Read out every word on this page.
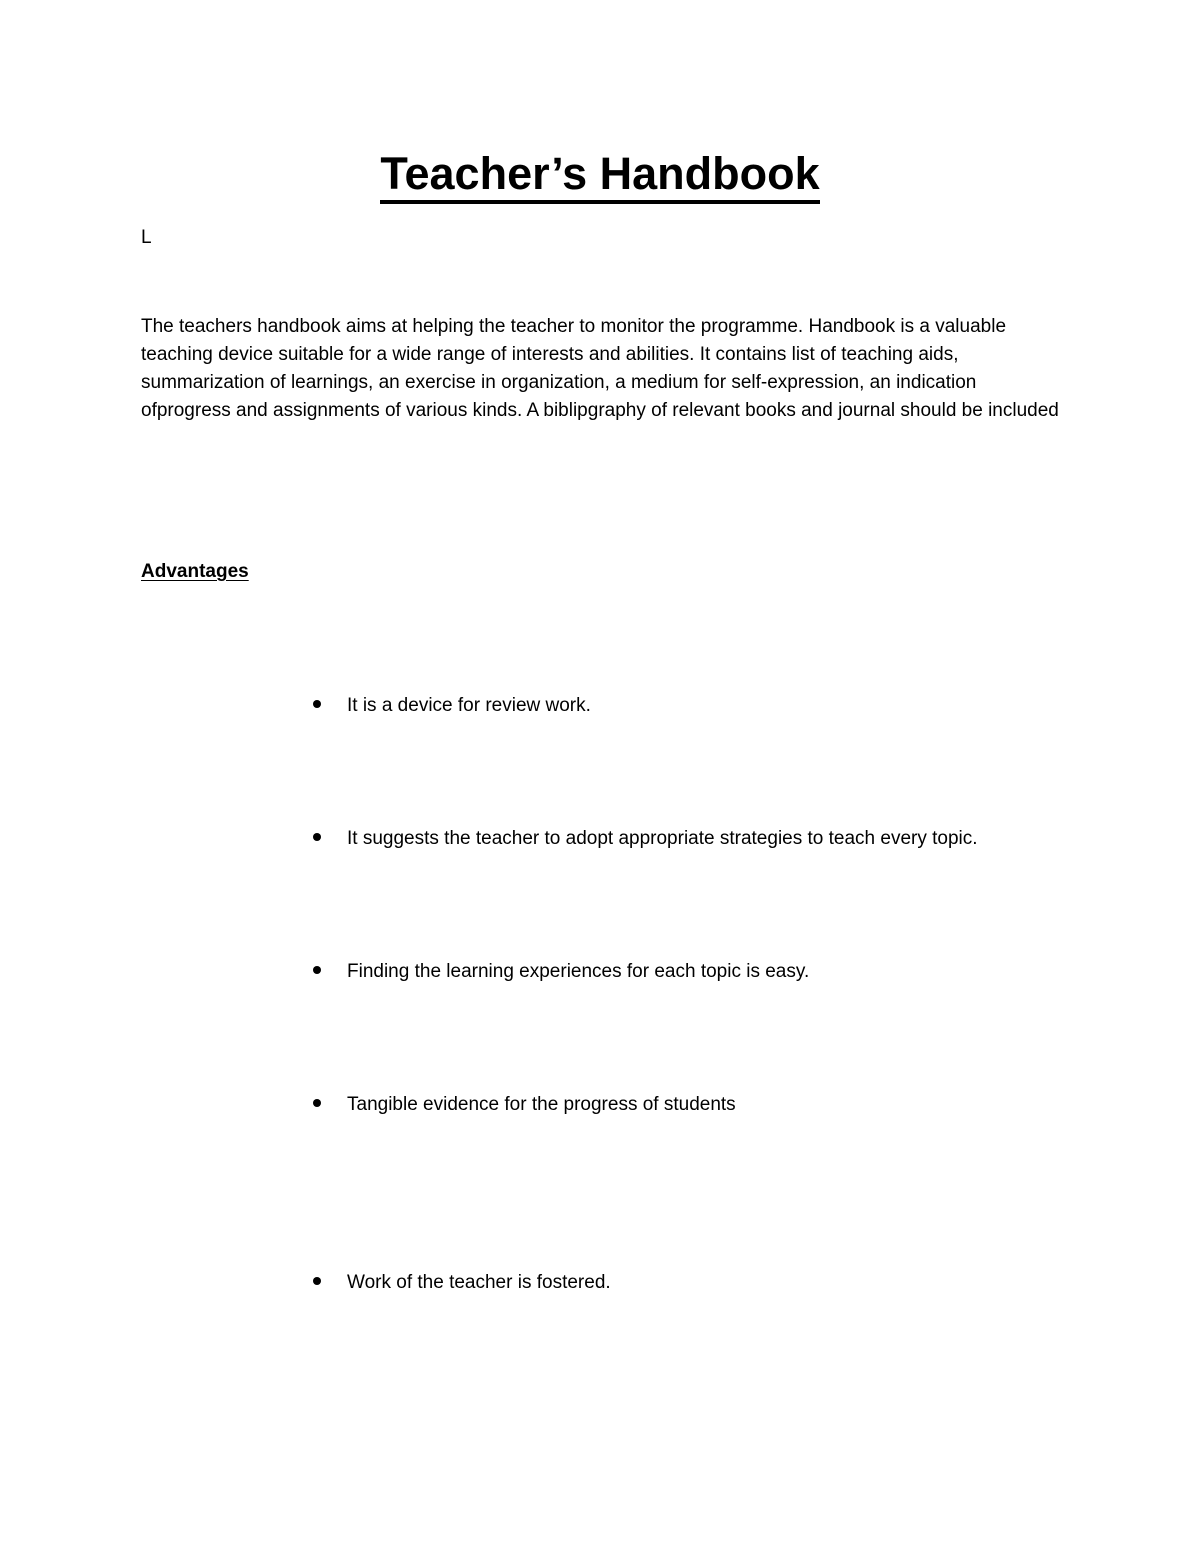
Teacher’s Handbook
L

The teachers handbook aims at helping the teacher to monitor the programme. Handbook is a valuable teaching device suitable for a wide range of interests and abilities. It contains list of teaching aids, summarization of learnings, an exercise in organization, a medium for self-expression, an indication ofprogress and assignments of various kinds. A biblipgraphy of relevant books and journal should be included

Advantages
It is a device for review work.
It suggests the teacher to adopt appropriate strategies to teach every topic.
Finding the learning experiences for each topic is easy.
Tangible evidence for the progress of students
Work of the teacher is fostered.
